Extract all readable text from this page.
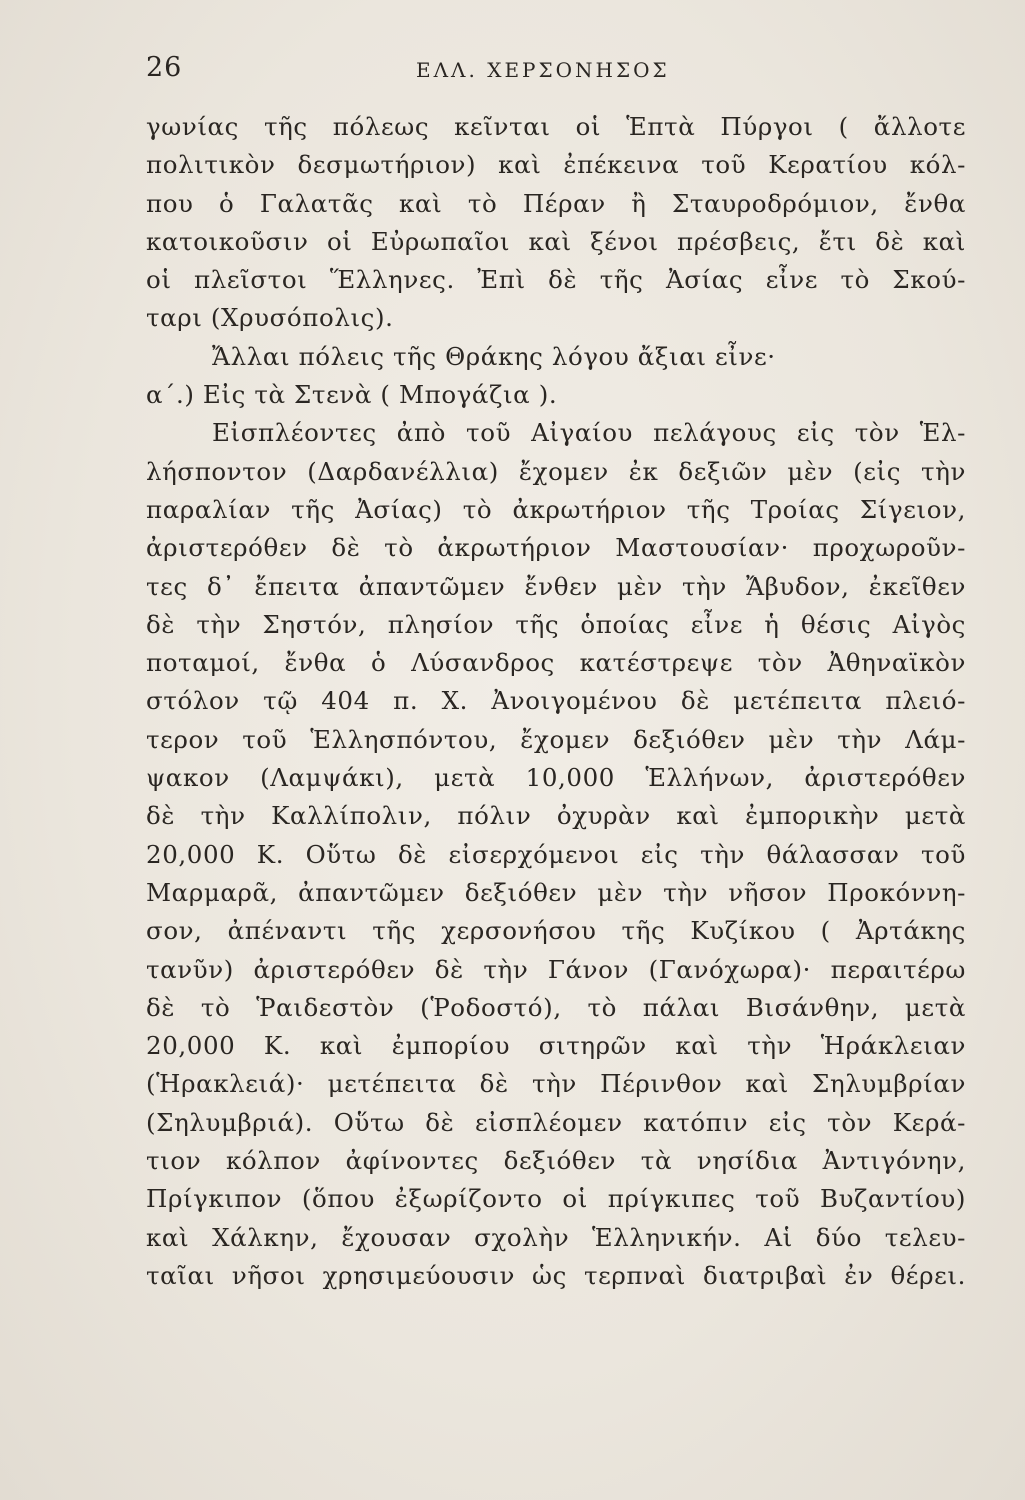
26	ΕΛΛ. ΧΕΡΣΟΝΗΣΟΣ
γωνίας τῆς πόλεως κεῖνται οἱ Ἑπτὰ Πύργοι ( ἄλλοτε
πολιτικὸν δεσμωτήριον) καὶ ἐπέκεινα τοῦ Κερατίου κόλ-
που ὁ Γαλατᾶς καὶ τὸ Πέραν ἢ Σταυροδρόμιον, ἔνθα
κατοικοῦσιν οἱ Εὐρωπαῖοι καὶ ξένοι πρέσβεις, ἔτι δὲ καὶ
οἱ πλεῖστοι Ἕλληνες. Ἐπὶ δὲ τῆς Ἀσίας εἶνε τὸ Σκού-
ταρι (Χρυσόπολις).
Ἄλλαι πόλεις τῆς Θράκης λόγου ἄξιαι εἶνε·
α΄.) Εἰς τὰ Στενὰ ( Μπογάζια ).
Εἰσπλέοντες ἀπὸ τοῦ Αἰγαίου πελάγους εἰς τὸν Ἑλ-
λήσποντον (Δαρδανέλλια) ἔχομεν ἐκ δεξιῶν μὲν (εἰς τὴν
παραλίαν τῆς Ἀσίας) τὸ ἀκρωτήριον τῆς Τροίας Σίγειον,
ἀριστερόθεν δὲ τὸ ἀκρωτήριον Μαστουσίαν· προχωροῦν-
τες δ᾽ ἔπειτα ἀπαντῶμεν ἔνθεν μὲν τὴν Ἄβυδον, ἐκεῖθεν
δὲ τὴν Σηστόν, πλησίον τῆς ὁποίας εἶνε ἡ θέσις Αἰγὸς
ποταμοί, ἔνθα ὁ Λύσανδρος κατέστρεψε τὸν Ἀθηναϊκὸν
στόλον τῷ 404 π. Χ. Ἀνοιγομένου δὲ μετέπειτα πλειό-
τερον τοῦ Ἑλλησπόντου, ἔχομεν δεξιόθεν μὲν τὴν Λάμ-
ψακον (Λαμψάκι), μετὰ 10,000 Ἑλλήνων, ἀριστερόθεν
δὲ τὴν Καλλίπολιν, πόλιν ὀχυρὰν καὶ ἐμπορικὴν μετὰ
20,000 Κ. Οὕτω δὲ εἰσερχόμενοι εἰς τὴν θάλασσαν τοῦ
Μαρμαρᾶ, ἀπαντῶμεν δεξιόθεν μὲν τὴν νῆσον Προκόννη-
σον, ἀπέναντι τῆς χερσονήσου τῆς Κυζίκου ( Ἀρτάκης
τανῦν) ἀριστερόθεν δὲ τὴν Γάνον (Γανόχωρα)· περαιτέρω
δὲ τὸ Ῥαιδεστὸν (Ῥοδοστό), τὸ πάλαι Βισάνθην, μετὰ
20,000 Κ. καὶ ἐμπορίου σιτηρῶν καὶ τὴν Ἡράκλειαν
(Ἡρακλειά)· μετέπειτα δὲ τὴν Πέρινθον καὶ Σηλυμβρίαν
(Σηλυμβριά). Οὕτω δὲ εἰσπλέομεν κατόπιν εἰς τὸν Κερά-
τιον κόλπον ἀφίνοντες δεξιόθεν τὰ νησίδια Ἀντιγόνην,
Πρίγκιπον (ὅπου ἐξωρίζοντο οἱ πρίγκιπες τοῦ Βυζαντίου)
καὶ Χάλκην, ἔχουσαν σχολὴν Ἑλληνικήν. Αἱ δύο τελευ-
ταῖαι νῆσοι χρησιμεύουσιν ὡς τερπναὶ διατριβαὶ ἐν θέρει.
